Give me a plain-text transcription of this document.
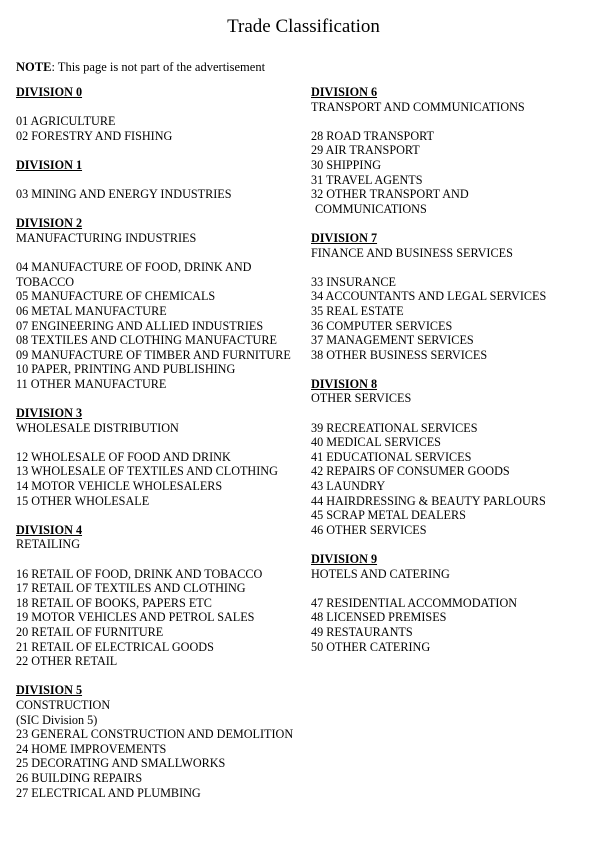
Trade Classification
NOTE: This page is not part of the advertisement
DIVISION 0
01 AGRICULTURE
02 FORESTRY AND FISHING
DIVISION 1
03 MINING AND ENERGY INDUSTRIES
DIVISION 2
MANUFACTURING INDUSTRIES
04 MANUFACTURE OF FOOD, DRINK AND TOBACCO
05 MANUFACTURE OF CHEMICALS
06 METAL MANUFACTURE
07 ENGINEERING AND ALLIED INDUSTRIES
08 TEXTILES AND CLOTHING MANUFACTURE
09 MANUFACTURE OF TIMBER AND FURNITURE
10 PAPER, PRINTING AND PUBLISHING
11 OTHER MANUFACTURE
DIVISION 3
WHOLESALE DISTRIBUTION
12 WHOLESALE OF FOOD AND DRINK
13 WHOLESALE OF TEXTILES AND CLOTHING
14 MOTOR VEHICLE WHOLESALERS
15 OTHER WHOLESALE
DIVISION 4
RETAILING
16 RETAIL OF FOOD, DRINK AND TOBACCO
17 RETAIL OF TEXTILES AND CLOTHING
18 RETAIL OF BOOKS, PAPERS ETC
19 MOTOR VEHICLES AND PETROL SALES
20 RETAIL OF FURNITURE
21 RETAIL OF ELECTRICAL GOODS
22 OTHER RETAIL
DIVISION 5
CONSTRUCTION
(SIC Division 5)
23 GENERAL CONSTRUCTION AND DEMOLITION
24 HOME IMPROVEMENTS
25 DECORATING AND SMALLWORKS
26 BUILDING REPAIRS
27 ELECTRICAL AND PLUMBING
DIVISION 6
TRANSPORT AND COMMUNICATIONS
28 ROAD TRANSPORT
29 AIR TRANSPORT
30 SHIPPING
31 TRAVEL AGENTS
32 OTHER TRANSPORT AND
COMMUNICATIONS
DIVISION 7
FINANCE AND BUSINESS SERVICES
33 INSURANCE
34 ACCOUNTANTS AND LEGAL SERVICES
35 REAL ESTATE
36 COMPUTER SERVICES
37 MANAGEMENT SERVICES
38 OTHER BUSINESS SERVICES
DIVISION 8
OTHER SERVICES
39 RECREATIONAL SERVICES
40 MEDICAL SERVICES
41 EDUCATIONAL SERVICES
42 REPAIRS OF CONSUMER GOODS
43 LAUNDRY
44 HAIRDRESSING & BEAUTY PARLOURS
45 SCRAP METAL DEALERS
46 OTHER SERVICES
DIVISION 9
HOTELS AND CATERING
47 RESIDENTIAL ACCOMMODATION
48 LICENSED PREMISES
49 RESTAURANTS
50 OTHER CATERING
